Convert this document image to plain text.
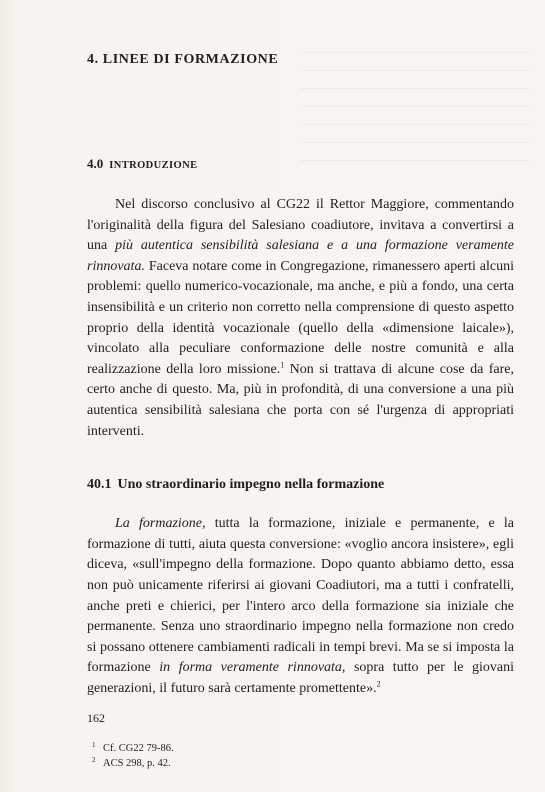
4. LINEE DI FORMAZIONE
4.0 INTRODUZIONE

Nel discorso conclusivo al CG22 il Rettor Maggiore, commentando l'originalità della figura del Salesiano coadiutore, invitava a convertirsi a una più autentica sensibilità salesiana e a una formazione veramente rinnovata. Faceva notare come in Congregazione, rimanessero aperti alcuni problemi: quello numerico-vocazionale, ma anche, e più a fondo, una certa insensibilità e un criterio non corretto nella comprensione di questo aspetto proprio della identità vocazionale (quello della «dimensione laicale»), vincolato alla peculiare conformazione delle nostre comunità e alla realizzazione della loro missione.$^1$ Non si trattava di alcune cose da fare, certo anche di questo. Ma, più in profondità, di una conversione a una più autentica sensibilità salesiana che porta con sé l'urgenza di appropriati interventi.

40.1 Uno straordinario impegno nella formazione

La formazione, tutta la formazione, iniziale e permanente, e la formazione di tutti, aiuta questa conversione: «voglio ancora insistere», egli diceva, «sull'impegno della formazione. Dopo quanto abbiamo detto, essa non può unicamente riferirsi ai giovani Coadiutori, ma a tutti i confratelli, anche preti e chierici, per l'intero arco della formazione sia iniziale che permanente. Senza uno straordinario impegno nella formazione non credo si possano ottenere cambiamenti radicali in tempi brevi. Ma se si imposta la formazione in forma veramente rinnovata, sopra tutto per le giovani generazioni, il futuro sarà certamente promettente».$^2$

1 Cf. CG22 79-86.
2 ACS 298, p. 42.
162
